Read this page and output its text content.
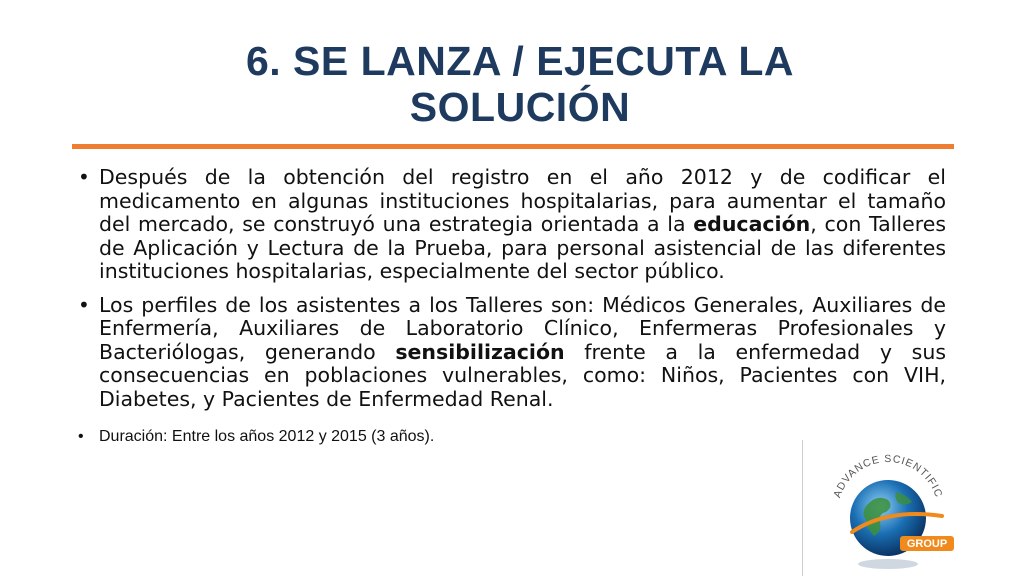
6. SE LANZA / EJECUTA LA
SOLUCIÓN
• Después de la obtención del registro en el año 2012 y de codificar el medicamento en algunas instituciones hospitalarias, para aumentar el tamaño del mercado, se construyó una estrategia orientada a la educación, con Talleres de Aplicación y Lectura de la Prueba, para personal asistencial de las diferentes instituciones hospitalarias, especialmente del sector público.
• Los perfiles de los asistentes a los Talleres son: Médicos Generales, Auxiliares de Enfermería, Auxiliares de Laboratorio Clínico, Enfermeras Profesionales y Bacteriólogas, generando sensibilización frente a la enfermedad y sus consecuencias en poblaciones vulnerables, como: Niños, Pacientes con VIH, Diabetes, y Pacientes de Enfermedad Renal.
• Duración: Entre los años 2012 y 2015 (3 años).
ADVANCE SCIENTIFIC
GROUP
